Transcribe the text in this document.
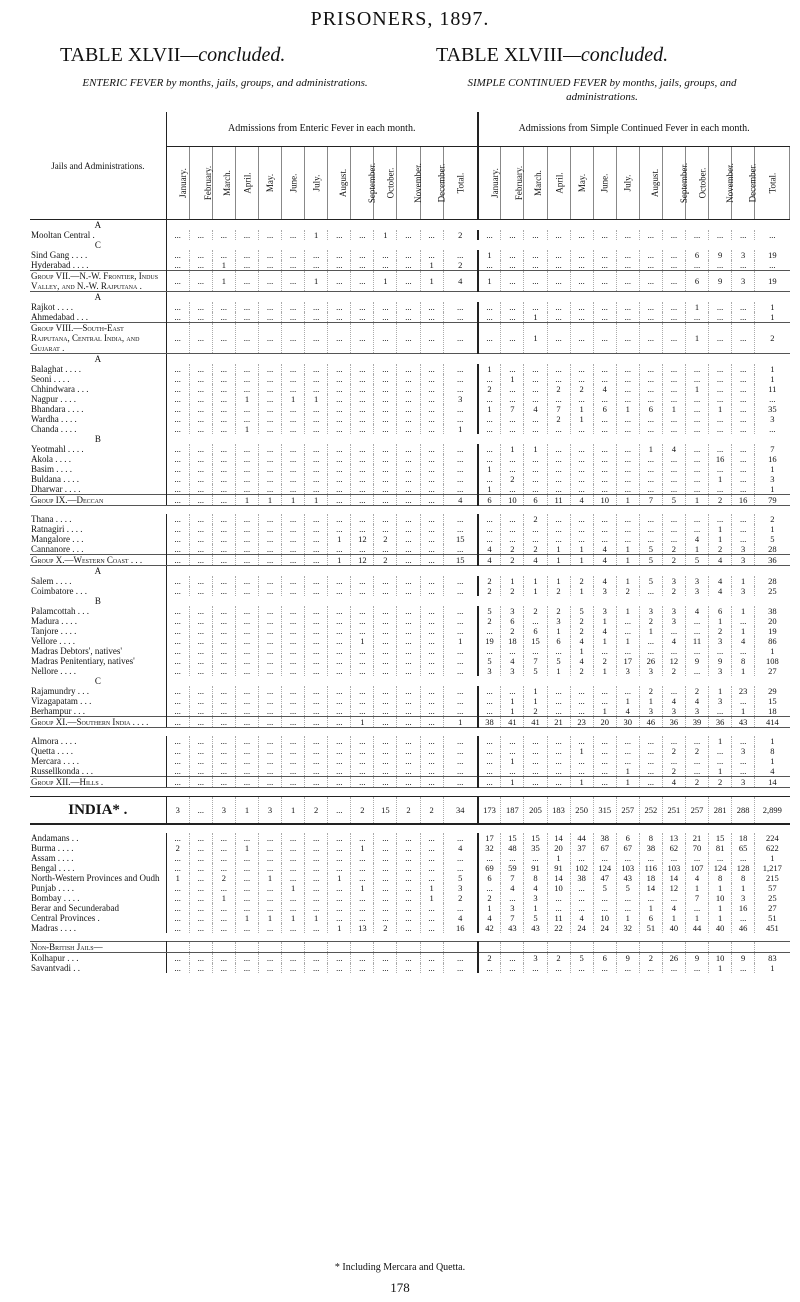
PRISONERS, 1897.
TABLE XLVII—concluded.	TABLE XLVIII—concluded.
ENTERIC FEVER by months, jails, groups, and administrations.	SIMPLE CONTINUED FEVER by months, jails, groups, and administrations.
Jails and Administrations.	Admissions from Enteric Fever in each month.													Admissions from Simple Continued Fever in each month.												
	January.	February.	March.	April.	May.	June.	July.	August.	September.	October.	November.	December.	Total.	January.	February.	March.	April.	May.	June.	July.	August.	September.	October.	November.	December.	Total.
A																										
Mooltan Central .	...	...	...	...	...	...	1	...	...	1	...	...	2	...	...	...	...	...	...	...	...	...	...	...	...	...
C																										
Sind Gang . . . .	...	...	...	...	...	...	...	...	...	...	...	...	...	1	...	...	...	...	...	...	...	...	6	9	3	19
Hyderabad . . . .	...	...	1	...	...	...	...	...	...	...	...	1	2	...	...	...	...	...	...	...	...	...	...	...	...	...
Group VII.—N.-W. Frontier, Indus Valley, and N.-W. Rajputana .	...	...	1	...	...	...	1	...	...	1	...	1	4	1	...	...	...	...	...	...	...	...	6	9	3	19
A																										
Rajkot . . . .	...	...	...	...	...	...	...	...	...	...	...	...	...	...	...	...	...	...	...	...	...	...	1	...	...	1
Ahmedabad . . .	...	...	...	...	...	...	...	...	...	...	...	...	...	...	...	1	...	...	...	...	...	...	...	...	...	1
Group VIII.—South-East Rajputana, Central India, and Gujarat .	...	...	...	...	...	...	...	...	...	...	...	...	...	...	...	1	...	...	...	...	...	...	1	...	...	2
A																										
Balaghat . . . .	...	...	...	...	...	...	...	...	...	...	...	...	...	1	...	...	...	...	...	...	...	...	...	...	...	1
Seoni . . . .	...	...	...	...	...	...	...	...	...	...	...	...	...	...	1	...	...	...	...	...	...	...	...	...	...	1
Chhindwara . . .	...	...	...	...	...	...	...	...	...	...	...	...	...	2	...	...	2	2	4	...	...	...	1	...	...	11
Nagpur . . . .	...	...	...	1	...	1	1	...	...	...	...	...	3	...	...	...	...	...	...	...	...	...	...	...	...	...
Bhandara . . . .	...	...	...	...	...	...	...	...	...	...	...	...	...	1	7	4	7	1	6	1	6	1	...	1	...	35
Wardha . . . .	...	...	...	...	...	...	...	...	...	...	...	...	...	...	...	...	2	1	...	...	...	...	...	...	...	3
Chanda . . . .	...	...	...	1	...	...	...	...	...	...	...	...	1	...	...	...	...	...	...	...	...	...	...	...	...	...
B																										
Yeotmahl . . . .	...	...	...	...	...	...	...	...	...	...	...	...	...	...	1	1	...	...	...	...	1	4	...	...	...	7
Akola . . . .	...	...	...	...	...	...	...	...	...	...	...	...	...	...	...	...	...	...	...	...	...	...	...	16	...	16
Basim . . . .	...	...	...	...	...	...	...	...	...	...	...	...	...	1	...	...	...	...	...	...	...	...	...	...	...	1
Buldana . . . .	...	...	...	...	...	...	...	...	...	...	...	...	...	...	2	...	...	...	...	...	...	...	...	1	...	3
Dharwar . . . .	...	...	...	...	...	...	...	...	...	...	...	...	...	1	...	...	...	...	...	...	...	...	...	...	...	1
Group IX.—Deccan	...	...	...	1	1	1	1	...	...	...	...	...	4	6	10	6	11	4	10	1	7	5	1	2	16	79

Thana . . . .	...	...	...	...	...	...	...	...	...	...	...	...	...	...	...	2	...	...	...	...	...	...	...	...	...	2
Ratnagiri . . . .	...	...	...	...	...	...	...	...	...	...	...	...	...	...	...	...	...	...	...	...	...	...	...	1	...	1
Mangalore . . .	...	...	...	...	...	...	...	1	12	2	...	...	15	...	...	...	...	...	...	...	...	...	4	1	...	5
Cannanore . . .	...	...	...	...	...	...	...	...	...	...	...	...	...	4	2	2	1	1	4	1	5	2	1	2	3	28
Group X.—Western Coast . . .	...	...	...	...	...	...	...	1	12	2	...	...	15	4	2	4	1	1	4	1	5	2	5	4	3	36
A																										
Salem . . . .	...	...	...	...	...	...	...	...	...	...	...	...	...	2	1	1	1	2	4	1	5	3	3	4	1	28
Coimbatore . . .	...	...	...	...	...	...	...	...	...	...	...	...	...	2	2	1	2	1	3	2	...	2	3	4	3	25
B																										
Palamcottah . . .	...	...	...	...	...	...	...	...	...	...	...	...	...	5	3	2	2	5	3	1	3	3	4	6	1	38
Madura . . . .	...	...	...	...	...	...	...	...	...	...	...	...	...	2	6	...	3	2	1	...	2	3	...	1	...	20
Tanjore . . . .	...	...	...	...	...	...	...	...	...	...	...	...	...	...	2	6	1	2	4	...	1	...	...	2	1	19
Vellore . . . .	...	...	...	...	...	...	...	...	1	...	...	...	1	19	18	15	6	4	1	1	...	4	11	3	4	86
Madras Debtors', natives'	...	...	...	...	...	...	...	...	...	...	...	...	...	...	...	...	...	1	...	...	...	...	...	...	...	1
Madras Penitentiary, natives'	...	...	...	...	...	...	...	...	...	...	...	...	...	5	4	7	5	4	2	17	26	12	9	9	8	108
Nellore . . . .	...	...	...	...	...	...	...	...	...	...	...	...	...	3	3	5	1	2	1	3	3	2	...	3	1	27
C																										
Rajamundry . . .	...	...	...	...	...	...	...	...	...	...	...	...	...	...	...	1	...	...	...	...	2	...	2	1	23	29
Vizagapatam . . .	...	...	...	...	...	...	...	...	...	...	...	...	...	...	1	1	...	...	...	1	1	4	4	3	...	15
Berhampur . . .	...	...	...	...	...	...	...	...	...	...	...	...	...	...	1	2	...	...	1	4	3	3	3	...	1	18
Group XI.—Southern India . . . .	...	...	...	...	...	...	...	...	1	...	...	...	1	38	41	41	21	23	20	30	46	36	39	36	43	414

Almora . . . .	...	...	...	...	...	...	...	...	...	...	...	...	...	...	...	...	...	...	...	...	...	...	...	1	...	1
Quetta . . . .	...	...	...	...	...	...	...	...	...	...	...	...	...	...	...	...	...	1	...	...	...	2	2	...	3	8
Mercara . . . .	...	...	...	...	...	...	...	...	...	...	...	...	...	...	1	...	...	...	...	...	...	...	...	...	...	1
Russellkonda . . .	...	...	...	...	...	...	...	...	...	...	...	...	...	...	...	...	...	...	...	1	...	2	...	1	...	4
Group XII.—Hills .	...	...	...	...	...	...	...	...	...	...	...	...	...	...	1	...	...	1	...	1	...	4	2	2	3	14

INDIA* .	3	...	3	1	3	1	2	...	2	15	2	2	34	173	187	205	183	250	315	257	252	251	257	281	288	2,899

Andamans . .	...	...	...	...	...	...	...	...	...	...	...	...	...	17	15	15	14	44	38	6	8	13	21	15	18	224
Burma . . . .	2	...	...	1	...	...	...	...	1	...	...	...	4	32	48	35	20	37	67	67	38	62	70	81	65	622
Assam . . . .	...	...	...	...	...	...	...	...	...	...	...	...	...	...	...	...	1	...	...	...	...	...	...	...	...	1
Bengal . . . .	...	...	...	...	...	...	...	...	...	...	...	...	...	69	59	91	91	102	124	103	116	103	107	124	128	1,217
North-Western Provinces and Oudh	1	...	2	...	1	...	...	1	...	...	...	...	5	6	7	8	14	38	47	43	18	14	4	8	8	215
Punjab . . . .	...	...	...	...	...	1	...	...	1	...	...	1	3	...	4	4	10	...	5	5	14	12	1	1	1	57
Bombay . . . .	...	...	1	...	...	...	...	...	...	...	...	1	2	2	...	3	...	...	...	...	...	...	7	10	3	25
Berar and Secunderabad	...	...	...	...	...	...	...	...	...	...	...	...	...	1	3	1	...	...	...	...	1	4	...	1	16	27
Central Provinces .	...	...	...	1	1	1	1	...	...	...	...	...	4	4	7	5	11	4	10	1	6	1	1	1	...	51
Madras . . . .	...	...	...	...	...	...	...	1	13	2	...	...	16	42	43	43	22	24	24	32	51	40	44	40	46	451

Non-British Jails—																										
Kolhapur . . .	...	...	...	...	...	...	...	...	...	...	...	...	...	2	...	3	2	5	6	9	2	26	9	10	9	83
Savantvadi . .	...	...	...	...	...	...	...	...	...	...	...	...	...	...	...	...	...	...	...	...	...	...	...	1	...	1
* Including Mercara and Quetta.
178
